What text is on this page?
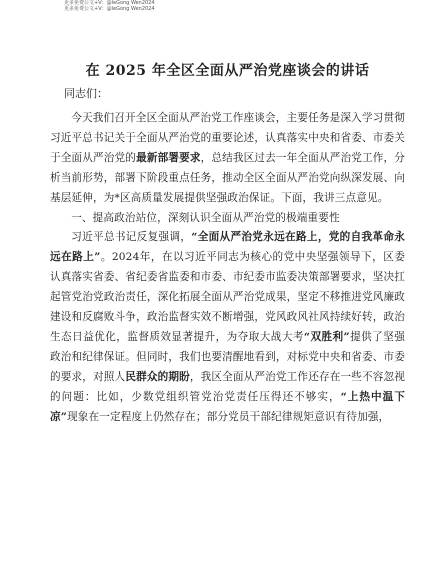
更多免费公文+V：@leGong Wen2024
更多免费公文+V：@leGong Wen2024
在 2025 年全区全面从严治党座谈会的讲话
同志们：

今天我们召开全区全面从严治党工作座谈会，主要任务是深入学习贯彻习近平总书记关于全面从严治党的重要论述，认真落实中央和省委、市委关于全面从严治党的最新部署要求，总结我区过去一年全面从严治党工作，分析当前形势，部署下阶段重点任务，推动全区全面从严治党向纵深发展、向基层延伸，为*区高质量发展提供坚强政治保证。下面，我讲三点意见。

一、提高政治站位，深刻认识全面从严治党的极端重要性

习近平总书记反复强调，“全面从严治党永远在路上，党的自我革命永远在路上”。2024年，在以习近平同志为核心的党中央坚强领导下，区委认真落实省委、省纪委省监委和市委、市纪委市监委决策部署要求，坚决扛起管党治党政治责任，深化拓展全面从严治党成果，坚定不移推进党风廉政建设和反腐败斗争，政治监督实效不断增强，党风政风社风持续好转，政治生态日益优化，监督质效显著提升，为夺取大战大考“双胜利”提供了坚强政治和纪律保证。但同时，我们也要清醒地看到，对标党中央和省委、市委的要求，对照人民群众的期盼，我区全面从严治党工作还存在一些不容忽视的问题：比如，少数党组织管党治党责任压得还不够实，“上热中温下凉”现象在一定程度上仍然存在；部分党员干部纪律规矩意识有待加强，
